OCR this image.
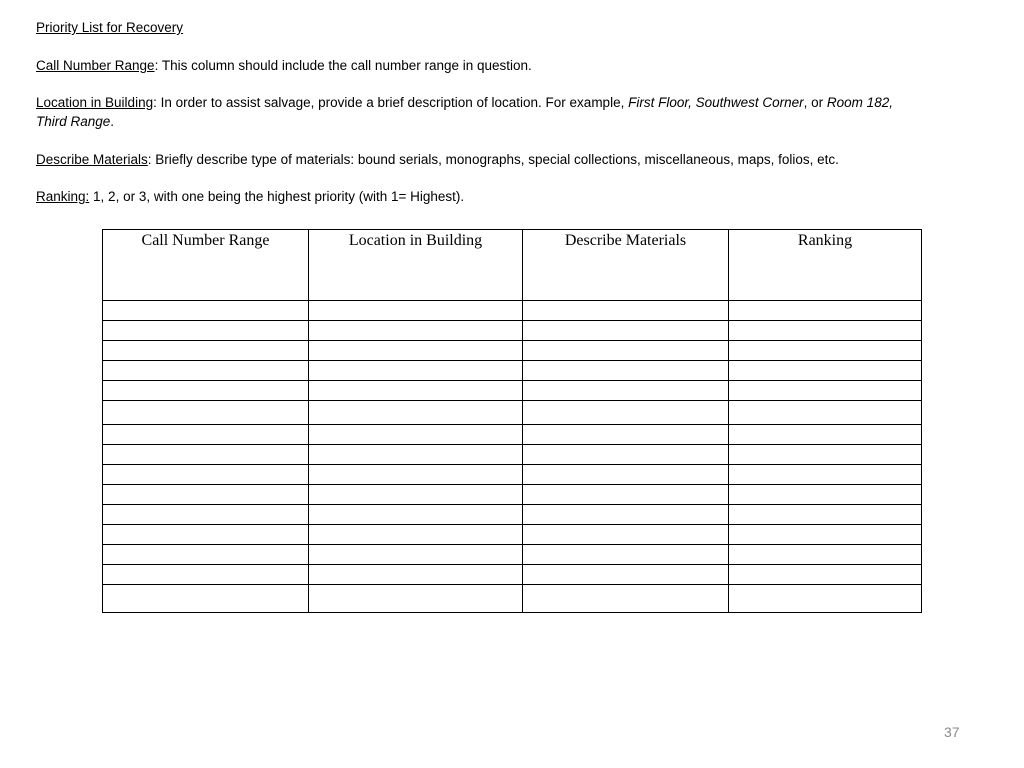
Priority List for Recovery
Call Number Range: This column should include the call number range in question.
Location in Building: In order to assist salvage, provide a brief description of location. For example, First Floor, Southwest Corner, or Room 182, Third Range.
Describe Materials: Briefly describe type of materials: bound serials, monographs, special collections, miscellaneous, maps, folios, etc.
Ranking: 1, 2, or 3, with one being the highest priority (with 1= Highest).
Call Number Range	Location in Building	Describe Materials	Ranking

37
